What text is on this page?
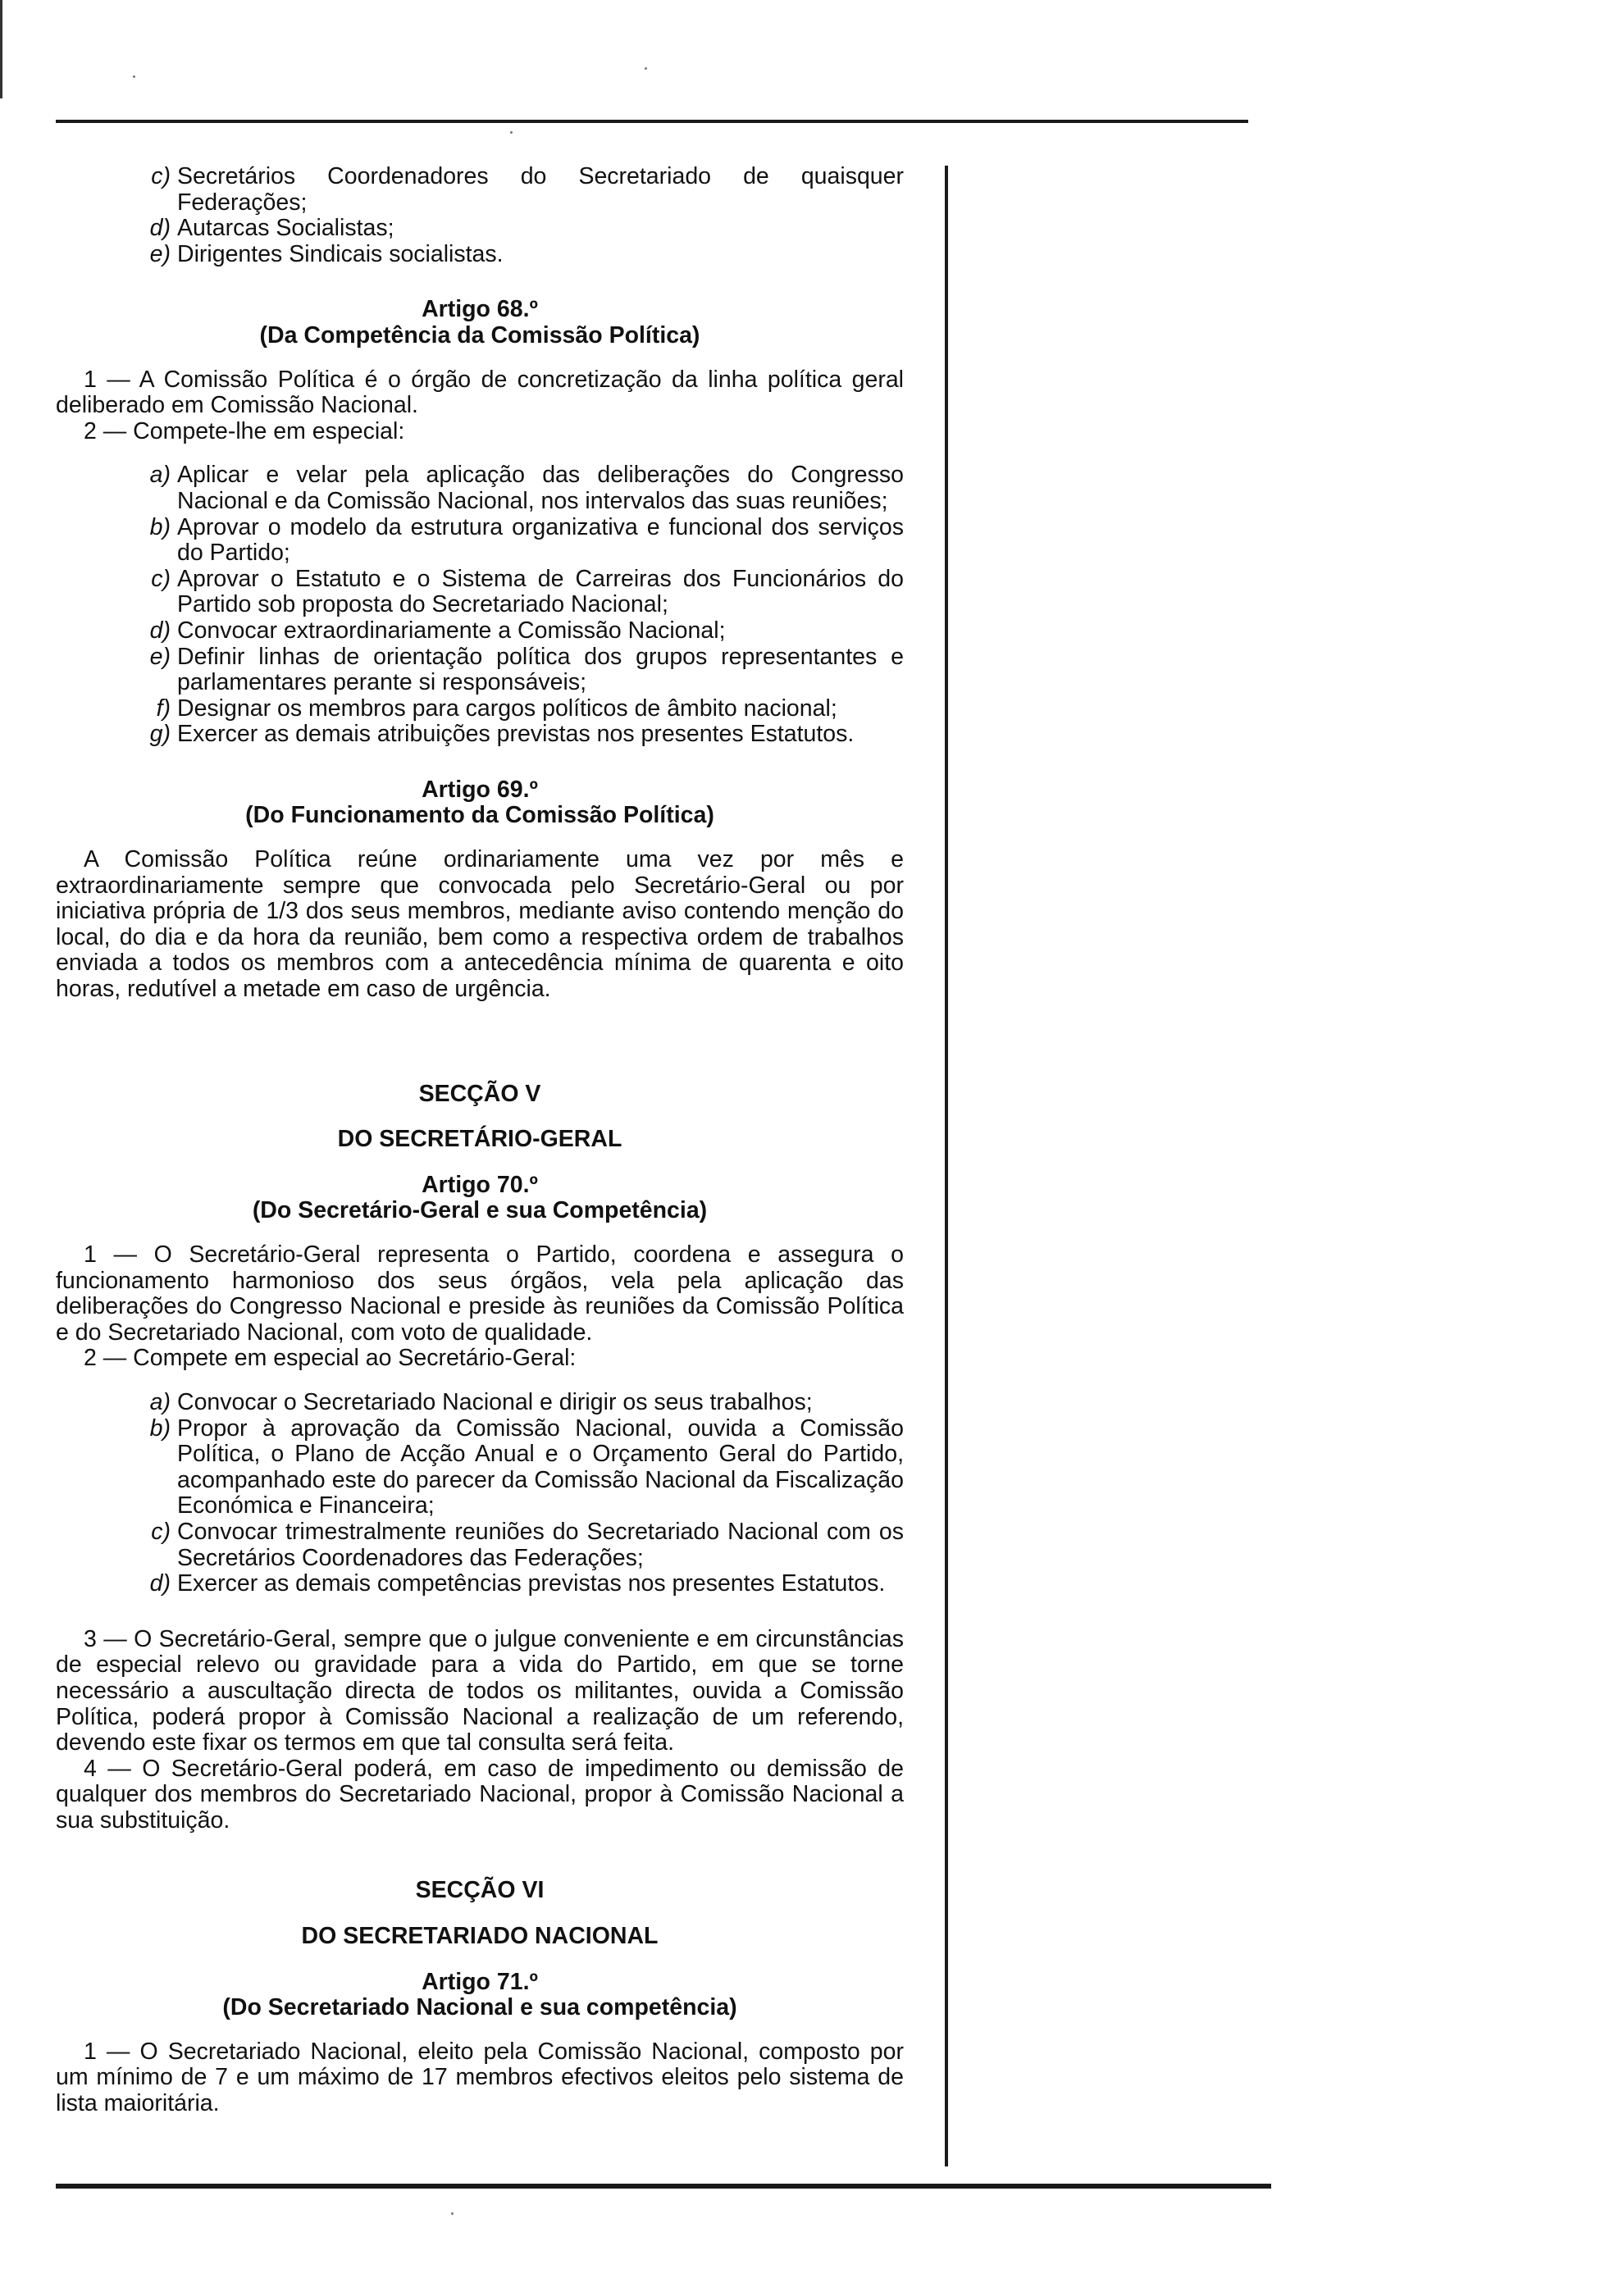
c) Secretários Coordenadores do Secretariado de quaisquer Federações;
d) Autarcas Socialistas;
e) Dirigentes Sindicais socialistas.

Artigo 68.º

(Da Competência da Comissão Política)

1 — A Comissão Política é o órgão de concretização da linha política geral deliberado em Comissão Nacional.

2 — Compete-lhe em especial:

a) Aplicar e velar pela aplicação das deliberações do Congresso Nacional e da Comissão Nacional, nos intervalos das suas reuniões;
b) Aprovar o modelo da estrutura organizativa e funcional dos serviços do Partido;
c) Aprovar o Estatuto e o Sistema de Carreiras dos Funcionários do Partido sob proposta do Secretariado Nacional;
d) Convocar extraordinariamente a Comissão Nacional;
e) Definir linhas de orientação política dos grupos representantes e parlamentares perante si responsáveis;
f) Designar os membros para cargos políticos de âmbito nacional;
g) Exercer as demais atribuições previstas nos presentes Estatutos.

Artigo 69.º

(Do Funcionamento da Comissão Política)

A Comissão Política reúne ordinariamente uma vez por mês e extraordinariamente sempre que convocada pelo Secretário-Geral ou por iniciativa própria de 1/3 dos seus membros, mediante aviso contendo menção do local, do dia e da hora da reunião, bem como a respectiva ordem de trabalhos enviada a todos os membros com a antecedência mínima de quarenta e oito horas, redutível a metade em caso de urgência.

SECÇÃO V

DO SECRETÁRIO-GERAL

Artigo 70.º

(Do Secretário-Geral e sua Competência)

1 — O Secretário-Geral representa o Partido, coordena e assegura o funcionamento harmonioso dos seus órgãos, vela pela aplicação das deliberações do Congresso Nacional e preside às reuniões da Comissão Política e do Secretariado Nacional, com voto de qualidade.

2 — Compete em especial ao Secretário-Geral:

a) Convocar o Secretariado Nacional e dirigir os seus trabalhos;
b) Propor à aprovação da Comissão Nacional, ouvida a Comissão Política, o Plano de Acção Anual e o Orçamento Geral do Partido, acompanhado este do parecer da Comissão Nacional da Fiscalização Económica e Financeira;
c) Convocar trimestralmente reuniões do Secretariado Nacional com os Secretários Coordenadores das Federações;
d) Exercer as demais competências previstas nos presentes Estatutos.

3 — O Secretário-Geral, sempre que o julgue conveniente e em circunstâncias de especial relevo ou gravidade para a vida do Partido, em que se torne necessário a auscultação directa de todos os militantes, ouvida a Comissão Política, poderá propor à Comissão Nacional a realização de um referendo, devendo este fixar os termos em que tal consulta será feita.

4 — O Secretário-Geral poderá, em caso de impedimento ou demissão de qualquer dos membros do Secretariado Nacional, propor à Comissão Nacional a sua substituição.

SECÇÃO VI

DO SECRETARIADO NACIONAL

Artigo 71.º

(Do Secretariado Nacional e sua competência)

1 — O Secretariado Nacional, eleito pela Comissão Nacional, composto por um mínimo de 7 e um máximo de 17 membros efectivos eleitos pelo sistema de lista maioritária.
